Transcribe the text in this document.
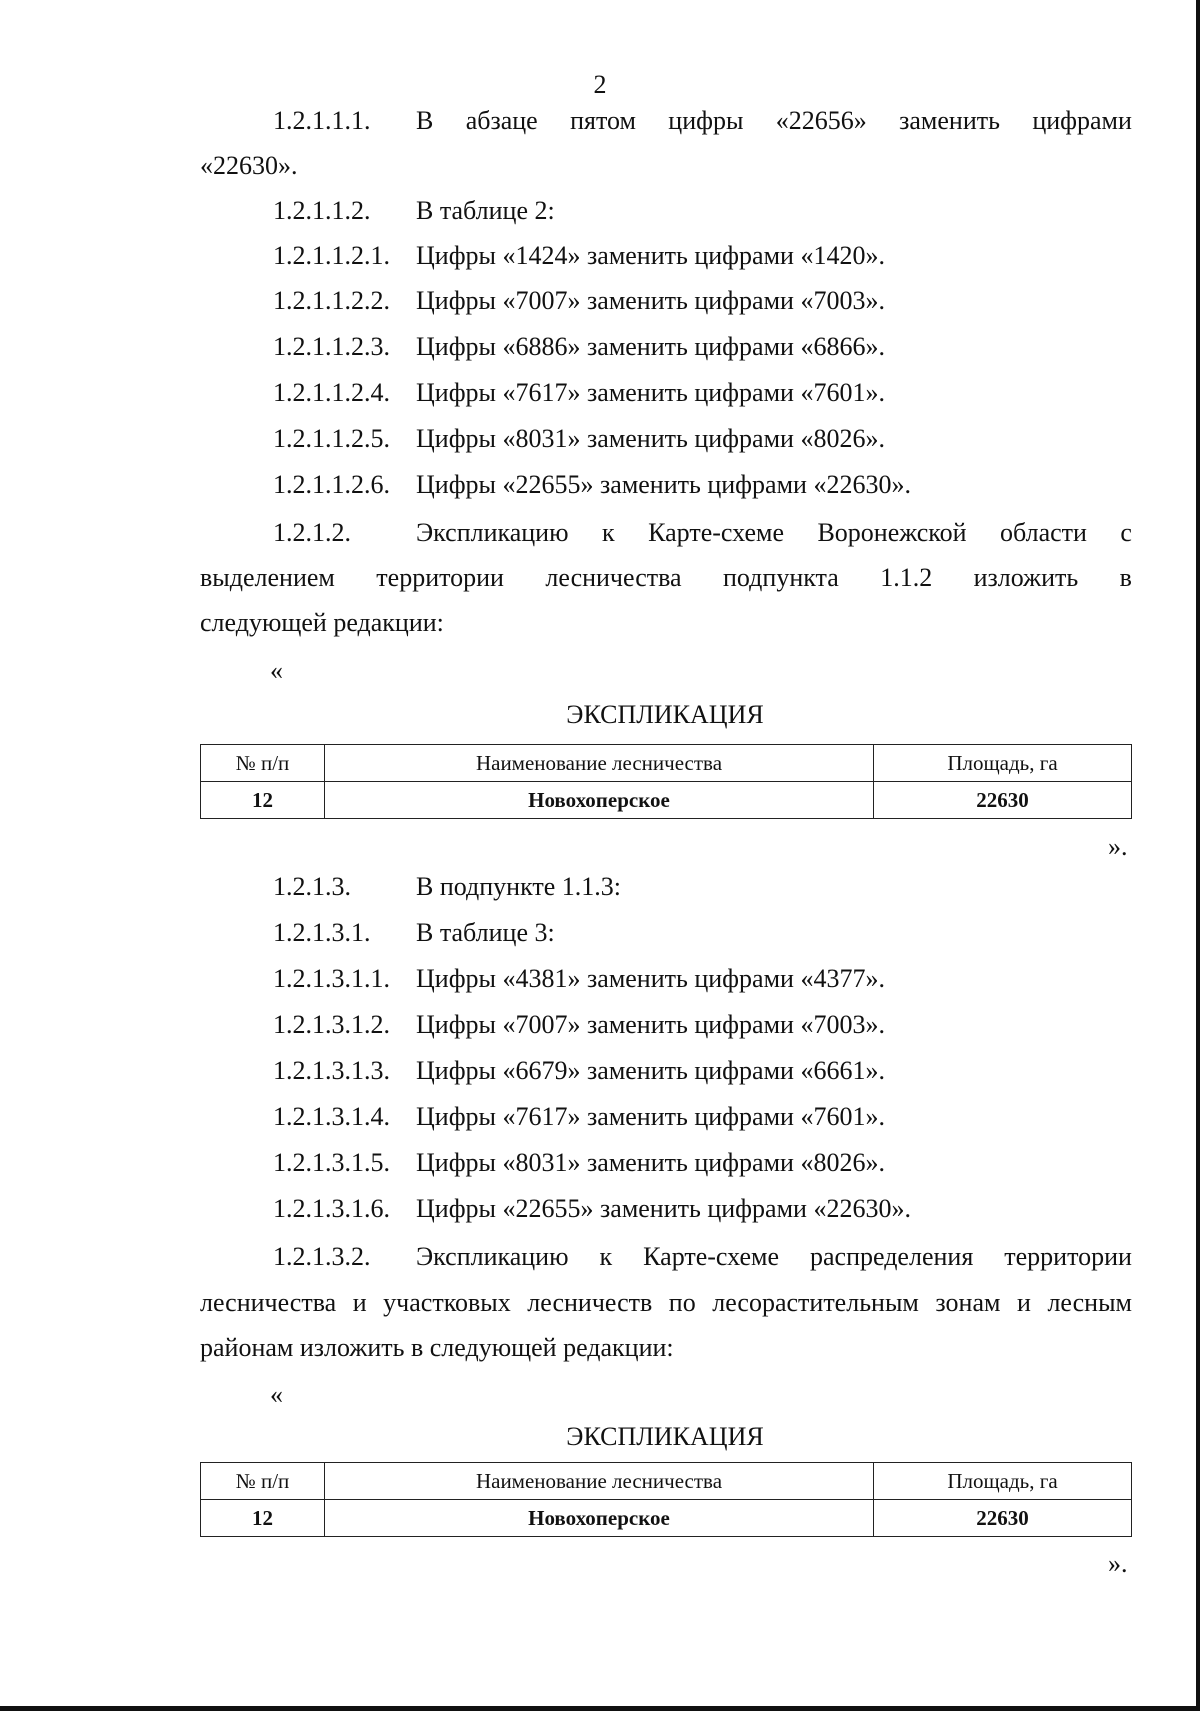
2
1.2.1.1.1. В абзаце пятом цифры «22656» заменить цифрами
«22630».
1.2.1.1.2. В таблице 2:
1.2.1.1.2.1. Цифры «1424» заменить цифрами «1420».
1.2.1.1.2.2. Цифры «7007» заменить цифрами «7003».
1.2.1.1.2.3. Цифры «6886» заменить цифрами «6866».
1.2.1.1.2.4. Цифры «7617» заменить цифрами «7601».
1.2.1.1.2.5. Цифры «8031» заменить цифрами «8026».
1.2.1.1.2.6. Цифры «22655» заменить цифрами «22630».
1.2.1.2.	Экспликацию к Карте-схеме Воронежской области с
выделением территории лесничества подпункта 1.1.2 изложить в
следующей редакции:
«
ЭКСПЛИКАЦИЯ
№ п/п	Наименование лесничества	Площадь, га
12	Новохоперское	22630
».
1.2.1.3.	В подпункте 1.1.3:
1.2.1.3.1. В таблице 3:
1.2.1.3.1.1. Цифры «4381» заменить цифрами «4377».
1.2.1.3.1.2. Цифры «7007» заменить цифрами «7003».
1.2.1.3.1.3. Цифры «6679» заменить цифрами «6661».
1.2.1.3.1.4. Цифры «7617» заменить цифрами «7601».
1.2.1.3.1.5. Цифры «8031» заменить цифрами «8026».
1.2.1.3.1.6. Цифры «22655» заменить цифрами «22630».
1.2.1.3.2. Экспликацию к Карте-схеме распределения территории
лесничества и участковых лесничеств по лесорастительным зонам и лесным
районам изложить в следующей редакции:
«
ЭКСПЛИКАЦИЯ
№ п/п	Наименование лесничества	Площадь, га
12	Новохоперское	22630
».
